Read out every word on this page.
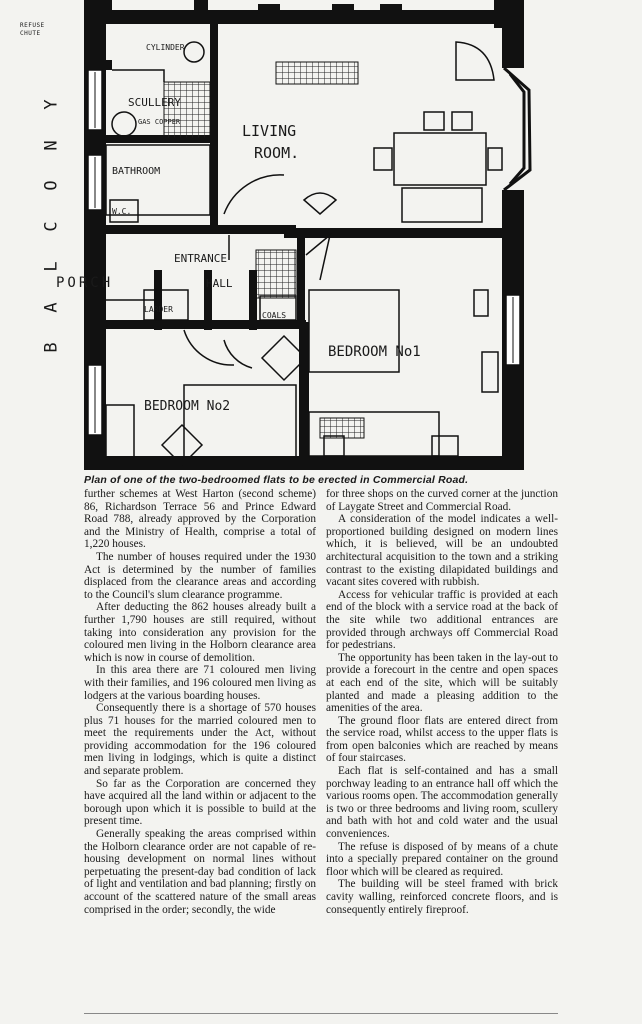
REFUSE CHUTE
Y
N
O
C
L
A
B
CYLINDER
SCULLERY
GAS COPPER	LIVING
ROOM.
BATHROOM
W.C.
ENTRANCE
HALL
PORCH
LARDER
COALS
BEDROOM No1
BEDROOM No2
Plan of one of the two-bedroomed flats to be erected in Commercial Road.

further schemes at West Harton (second scheme) 86, Richardson Terrace 56 and Prince Edward Road 788, already approved by the Corporation and the Ministry of Health, comprise a total of 1,220 houses.

The number of houses required under the 1930 Act is determined by the number of families displaced from the clearance areas and according to the Council's slum clearance programme.

After deducting the 862 houses already built a further 1,790 houses are still required, without taking into consideration any provision for the coloured men living in the Holborn clearance area which is now in course of demolition.

In this area there are 71 coloured men living with their families, and 196 coloured men living as lodgers at the various boarding houses.

Consequently there is a shortage of 570 houses plus 71 houses for the married coloured men to meet the requirements under the Act, without providing accommodation for the 196 coloured men living in lodgings, which is quite a distinct and separate problem.

So far as the Corporation are concerned they have acquired all the land within or adjacent to the borough upon which it is possible to build at the present time.

Generally speaking the areas comprised within the Holborn clearance order are not capable of re-housing development on normal lines without perpetuating the present-day bad condition of lack of light and ventilation and bad planning; firstly on account of the scattered nature of the small areas comprised in the order; secondly, the wide

for three shops on the curved corner at the junction of Laygate Street and Commercial Road.

A consideration of the model indicates a well-proportioned building designed on modern lines which, it is believed, will be an undoubted architectural acquisition to the town and a striking contrast to the existing dilapidated buildings and vacant sites covered with rubbish.

Access for vehicular traffic is provided at each end of the block with a service road at the back of the site while two additional entrances are provided through archways off Commercial Road for pedestrians.

The opportunity has been taken in the lay-out to provide a forecourt in the centre and open spaces at each end of the site, which will be suitably planted and made a pleasing addition to the amenities of the area.

The ground floor flats are entered direct from the service road, whilst access to the upper flats is from open balconies which are reached by means of four staircases.

Each flat is self-contained and has a small porchway leading to an entrance hall off which the various rooms open. The accommodation generally is two or three bedrooms and living room, scullery and bath with hot and cold water and the usual conveniences.

The refuse is disposed of by means of a chute into a specially prepared container on the ground floor which will be cleared as required.

The building will be steel framed with brick cavity walling, reinforced concrete floors, and is consequently entirely fireproof.
